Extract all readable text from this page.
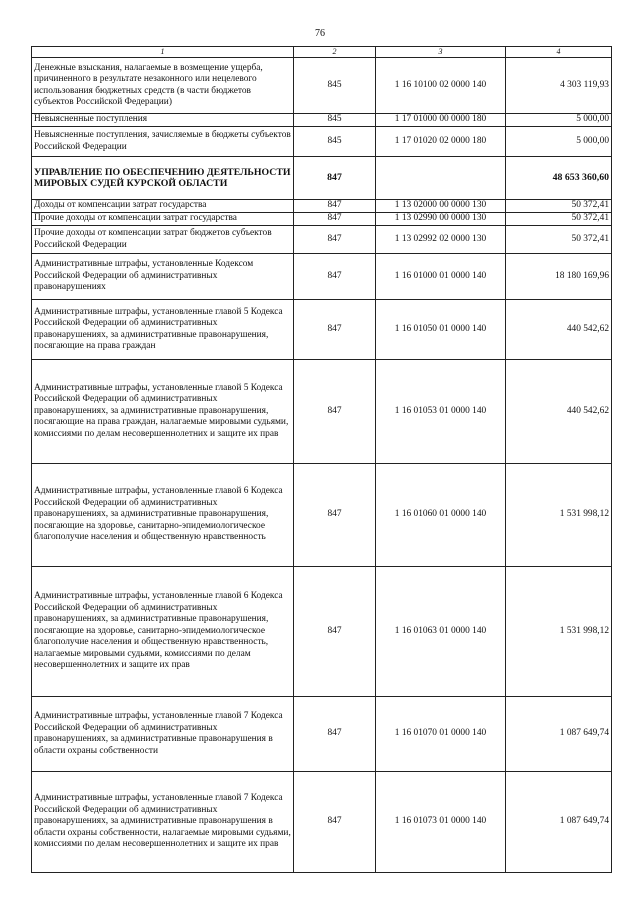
76
1	2	3	4
Денежные взыскания, налагаемые в возмещение ущерба, причиненного в результате незаконного или нецелевого использования бюджетных средств (в части бюджетов субъектов Российской Федерации)	845	1 16 10100 02 0000 140	4 303 119,93
Невыясненные поступления	845	1 17 01000 00 0000 180	5 000,00
Невыясненные поступления, зачисляемые в бюджеты субъектов Российской Федерации	845	1 17 01020 02 0000 180	5 000,00
УПРАВЛЕНИЕ ПО ОБЕСПЕЧЕНИЮ ДЕЯТЕЛЬНОСТИ МИРОВЫХ СУДЕЙ КУРСКОЙ ОБЛАСТИ	847		48 653 360,60
Доходы от компенсации затрат государства	847	1 13 02000 00 0000 130	50 372,41
Прочие доходы от компенсации затрат государства	847	1 13 02990 00 0000 130	50 372,41
Прочие доходы от компенсации затрат бюджетов субъектов Российской Федерации	847	1 13 02992 02 0000 130	50 372,41
Административные штрафы, установленные Кодексом Российской Федерации об административных правонарушениях	847	1 16 01000 01 0000 140	18 180 169,96
Административные штрафы, установленные главой 5 Кодекса Российской Федерации об административных правонарушениях, за административные правонарушения, посягающие на права граждан	847	1 16 01050 01 0000 140	440 542,62
Административные штрафы, установленные главой 5 Кодекса Российской Федерации об административных правонарушениях, за административные правонарушения, посягающие на права граждан, налагаемые мировыми судьями, комиссиями по делам несовершеннолетних и защите их прав	847	1 16 01053 01 0000 140	440 542,62
Административные штрафы, установленные главой 6 Кодекса Российской Федерации об административных правонарушениях, за административные правонарушения, посягающие на здоровье, санитарно-эпидемиологическое благополучие населения и общественную нравственность	847	1 16 01060 01 0000 140	1 531 998,12
Административные штрафы, установленные главой 6 Кодекса Российской Федерации об административных правонарушениях, за административные правонарушения, посягающие на здоровье, санитарно-эпидемиологическое благополучие населения и общественную нравственность, налагаемые мировыми судьями, комиссиями по делам несовершеннолетних и защите их прав	847	1 16 01063 01 0000 140	1 531 998,12
Административные штрафы, установленные главой 7 Кодекса Российской Федерации об административных правонарушениях, за административные правонарушения в области охраны собственности	847	1 16 01070 01 0000 140	1 087 649,74
Административные штрафы, установленные главой 7 Кодекса Российской Федерации об административных правонарушениях, за административные правонарушения в области охраны собственности, налагаемые мировыми судьями, комиссиями по делам несовершеннолетних и защите их прав	847	1 16 01073 01 0000 140	1 087 649,74
